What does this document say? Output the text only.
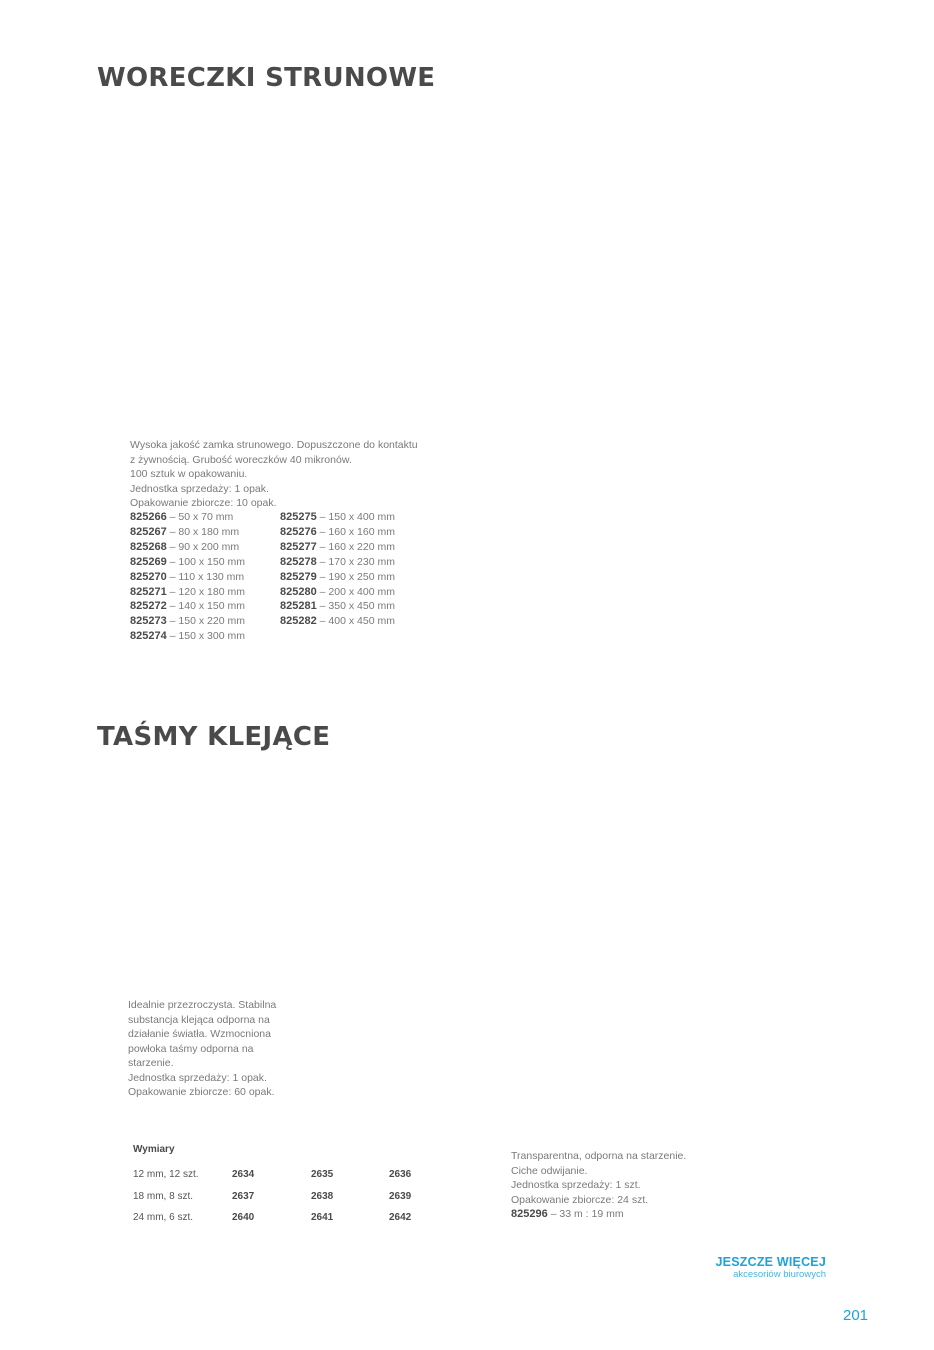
WORECZKI STRUNOWE
Wysoka jakość zamka strunowego. Dopuszczone do kontaktu
z żywnością. Grubość woreczków 40 mikronów.
100 sztuk w opakowaniu.
Jednostka sprzedaży: 1 opak.
Opakowanie zbiorcze: 10 opak.
825266 – 50 x 70 mm
825267 – 80 x 180 mm
825268 – 90 x 200 mm
825269 – 100 x 150 mm
825270 – 110 x 130 mm
825271 – 120 x 180 mm
825272 – 140 x 150 mm
825273 – 150 x 220 mm
825274 – 150 x 300 mm
825275 – 150 x 400 mm
825276 – 160 x 160 mm
825277 – 160 x 220 mm
825278 – 170 x 230 mm
825279 – 190 x 250 mm
825280 – 200 x 400 mm
825281 – 350 x 450 mm
825282 – 400 x 450 mm
TAŚMY KLEJĄCE
Idealnie przezroczysta. Stabilna
substancja klejąca odporna na
działanie światła. Wzmocniona
powłoka taśmy odporna na
starzenie.
Jednostka sprzedaży: 1 opak.
Opakowanie zbiorcze: 60 opak.
Wymiary
12 mm, 12 szt.	2634	2635	2636
18 mm, 8 szt.	2637	2638	2639
24 mm, 6 szt.	2640	2641	2642
Transparentna, odporna na starzenie.
Ciche odwijanie.
Jednostka sprzedaży: 1 szt.
Opakowanie zbiorcze: 24 szt.
825296 – 33 m : 19 mm
JESZCZE WIĘCEJ
akcesoriów biurowych
201
